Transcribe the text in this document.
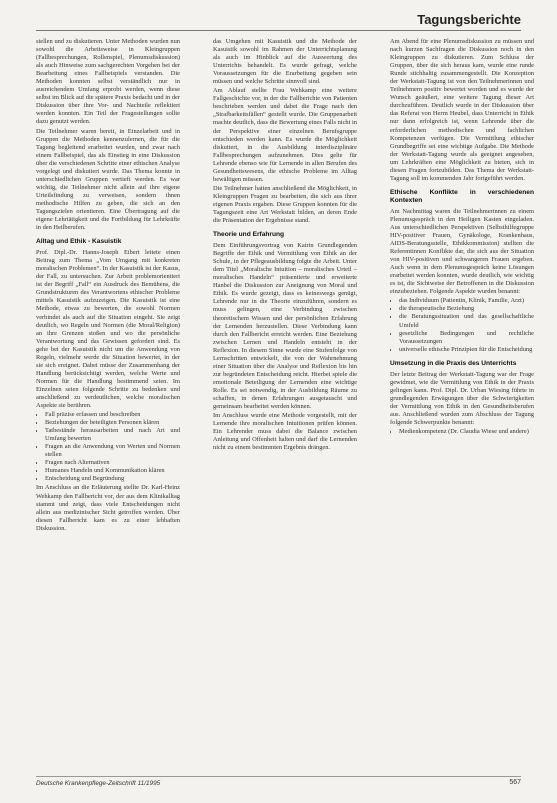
Tagungsberichte

stellen und zu diskutieren. Unter Methoden wurden nun sowohl die Arbeitsweise in Kleingruppen (Fallbesprechungen, Rollenspiel, Plenumsdiskussion) als auch Hinweise zum sachgerechten Vorgehen bei der Bearbeitung eines Fallbeispiels verstanden. Die Methoden konnten selbst verständlich nur in ausreichendem Umfang erprobt werden, wenn diese selbst im Blick auf die spätere Praxis bedacht und in der Diskussion über ihre Vor- und Nachteile reflektiert werden konnten. Ein Teil der Fragestellungen sollte dazu genutzt werden.

Die Teilnehmer waren bereit, in Einzelarbeit und in Gruppen die Methoden kennenzulernen, die für die Tagung begleitend erarbeitet wurden, und zwar nach einem Fallbeispiel, das als Einstieg in eine Diskussion über die verschiedenen Schritte einer ethischen Analyse vorgelegt und diskutiert wurde. Das Thema konnte in unterschiedlichen Gruppen vertieft werden. Es war wichtig, die Teilnehmer nicht allein auf ihre eigene Urteilsfindung zu verweisen, sondern ihnen methodische Hilfen zu geben, die sich an den Tagungszielen orientieren. Eine Übertragung auf die eigene Lehrtätigkeit und die Fortbildung für Lehrkräfte in den Heilberufen.

Alltag und Ethik - Kasuistik

Prof. Dipl.-Dr. Hanns-Joseph Eibert leitete einen Beitrag zum Thema „Vom Umgang mit konkreten moralischen Problemen“. In der Kasuistik ist der Kasus, der Fall, zu untersuchen. Zur Arbeit problemorientiert ist der Begriff „Fall“ ein Ausdruck des Bemühens, die Grundstrukturen des Verantwortens ethischer Probleme mittels Kasuistik aufzuzeigen. Die Kasuistik ist eine Methode, etwas zu bewerten, die sowohl Normen verbindet als auch auf die Situation eingeht. Sie zeigt deutlich, wo Regeln und Normen (die Moral/Religion) an ihre Grenzen stoßen und wo die persönliche Verantwortung und das Gewissen gefordert sind. Es gehe bei der Kasuistik nicht um die Anwendung von Regeln, vielmehr werde die Situation bewertet, in der sie sich ereignet. Dabei müsse der Zusammenhang der Handlung berücksichtigt werden, welche Werte und Normen für die Handlung bestimmend seien. Im Einzelnen seien folgende Schritte zu bedenken und anschließend zu verdeutlichen, welche moralischen Aspekte sie berühren.

• Fall präzise erfassen und beschreiben
• Beziehungen der beteiligten Personen klären
• Tatbestände herausarbeiten und nach Art und Umfang bewerten
• Fragen an die Anwendung von Werten und Normen stellen
• Fragen nach Alternativen
• Humanes Handeln und Kommunikation klären
• Entscheidung und Begründung

Im Anschluss an die Erläuterung stellte Dr. Karl-Heinz Wehkamp den Fallbericht vor, der aus dem Klinikalltag stammt und zeigt, dass viele Entscheidungen nicht allein aus medizinischer Sicht getroffen werden. Über diesen Fallbericht kam es zu einer lebhaften Diskussion.

das Umgehen mit Kasuistik und die Methode der Kasuistik sowohl im Rahmen der Unterrichtsplanung als auch im Hinblick auf die Auswertung des Unterrichts behandelt. Es wurde gefragt, welche Voraussetzungen für die Erarbeitung gegeben sein müssen und welche Schritte sinnvoll sind.

Am Ablauf stellte Frau Wehkamp eine weitere Fallgeschichte vor, in der die Fallberichte von Patienten beschrieben werden und dabei die Frage nach den „Strafbarkeitsfällen“ gestellt wurde. Die Gruppenarbeit machte deutlich, dass die Bewertung eines Falls nicht in der Perspektive einer einzelnen Berufsgruppe entschieden werden kann. Es wurde die Möglichkeit diskutiert, in die Ausbildung interdisziplinäre Fallbesprechungen aufzunehmen. Dies gelte für Lehrende ebenso wie für Lernende in allen Berufen des Gesundheitswesens, die ethische Probleme im Alltag bewältigen müssen.

Die Teilnehmer hatten anschließend die Möglichkeit, in Kleingruppen Fragen zu bearbeiten, die sich aus ihrer eigenen Praxis ergaben. Diese Gruppen konnten für die Tagungszeit eine Art Werkstatt bilden, an deren Ende die Präsentation der Ergebnisse stand.

Theorie und Erfahrung

Dem Einführungsvortrag von Katrin Grundlegenden Begriffe der Ethik und Vermittlung von Ethik an der Schule, in der Pflegeausbildung folgte die Arbeit. Unter dem Titel „Moralische Intuition – moralisches Urteil – moralisches Handeln“ präsentierte und erweiterte Hanbel die Diskussion zur Aneignung von Moral und Ethik. Es wurde gezeigt, dass es keineswegs genügt, Lehrende nur in die Theorie einzuführen, sondern es muss gelingen, eine Verbindung zwischen theoretischem Wissen und der persönlichen Erfahrung der Lernenden herzustellen. Diese Verbindung kann durch den Fallbericht erreicht werden. Eine Beziehung zwischen Lernen und Handeln entsteht in der Reflexion. In diesem Sinne wurde eine Stufenfolge von Lernschritten entwickelt, die von der Wahrnehmung einer Situation über die Analyse und Reflexion bis hin zur begründeten Entscheidung reicht. Hierbei spiele die emotionale Beteiligung der Lernenden eine wichtige Rolle. Es sei notwendig, in der Ausbildung Räume zu schaffen, in denen Erfahrungen ausgetauscht und gemeinsam bearbeitet werden können.

Im Anschluss wurde eine Methode vorgestellt, mit der Lernende ihre moralischen Intuitionen prüfen können. Ein Lehrender muss dabei die Balance zwischen Anleitung und Offenheit halten und darf die Lernenden nicht zu einem bestimmten Ergebnis drängen.

Am Abend für eine Plenumsdiskussion zu müssen und nach kurzen Sachfragen die Diskussion noch in den Kleingruppen zu diskutieren. Zum Schluss der Gruppen, über die sich heraus kam, wurde eine runde Runde stichhaltig zusammengestellt. Die Konzeption der Werkstatt-Tagung ist von den Teilnehmerinnen und Teilnehmern positiv bewertet worden und es wurde der Wunsch geäußert, eine weitere Tagung dieser Art durchzuführen. Deutlich wurde in der Diskussion über das Referat von Herrn Heubel, dass Unterricht in Ethik nur dann erfolgreich ist, wenn Lehrende über die erforderlichen methodischen und fachlichen Kompetenzen verfügen. Die Vermittlung ethischer Grundbegriffe sei eine wichtige Aufgabe. Die Methode der Werkstatt-Tagung wurde als geeignet angesehen, um Lehrkräften eine Möglichkeit zu bieten, sich in diesen Fragen fortzubilden. Das Thema der Werkstatt-Tagung soll im kommenden Jahr fortgeführt werden.

Ethische Konflikte in verschiedenen Kontexten

Am Nachmittag waren die Teilnehmerinnen zu einem Plenumsgespräch in den Heiligen Kasten eingeladen. Aus unterschiedlichen Perspektiven (Selbsthilfegruppe HIV-positiver Frauen, Gynäkologe, Krankenhaus, AIDS-Beratungsstelle, Ethikkommission) stellten die Referentinnen Konflikte dar, die sich aus der Situation von HIV-positiven und schwangeren Frauen ergeben. Auch wenn in dem Plenumsgespräch keine Lösungen erarbeitet werden konnten, wurde deutlich, wie wichtig es ist, die Sichtweise der Betroffenen in die Diskussion einzubeziehen. Folgende Aspekte wurden benannt:

• das Individuum (Patientin, Klinik, Familie, Arzt)
• die therapeutische Beziehung
• die Beratungssituation und das gesellschaftliche Umfeld
• gesetzliche Bedingungen und rechtliche Voraussetzungen
• universelle ethische Prinzipien für die Entscheidung
Umsetzung in die Praxis des Unterrichts

Der letzte Beitrag der Werkstatt-Tagung war der Frage gewidmet, wie die Vermittlung von Ethik in der Praxis gelingen kann. Prof. Dipl. Dr. Urban Wiesing führte in grundlegenden Erwägungen über die Schwierigkeiten der Vermittlung von Ethik in den Gesundheitsberufen aus. Anschließend wurden zum Abschluss der Tagung folgende Schwerpunkte benannt:

• Medienkompetenz (Dr. Claudia Wiese und andere)
Deutsche Krankenpflege-Zeitschrift 11/1995	567
